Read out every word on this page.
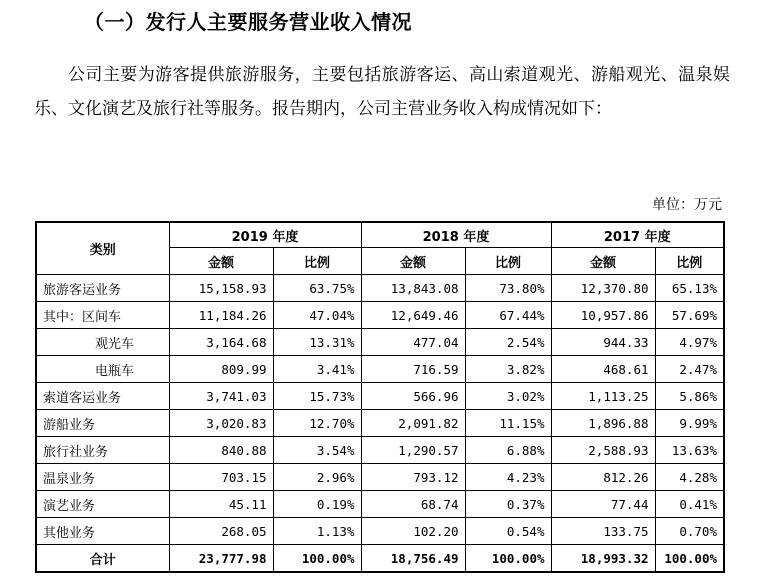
（一）发行人主要服务营业收入情况
公司主要为游客提供旅游服务，主要包括旅游客运、高山索道观光、游船观光、温泉娱乐、文化演艺及旅行社等服务。报告期内，公司主营业务收入构成情况如下：
单位：万元
类别	2019 年度		2018 年度		2017 年度	
	金额	比例	金额	比例	金额	比例
旅游客运业务	15,158.93	63.75%	13,843.08	73.80%	12,370.80	65.13%
其中：区间车	11,184.26	47.04%	12,649.46	67.44%	10,957.86	57.69%
观光车	3,164.68	13.31%	477.04	2.54%	944.33	4.97%
电瓶车	809.99	3.41%	716.59	3.82%	468.61	2.47%
索道客运业务	3,741.03	15.73%	566.96	3.02%	1,113.25	5.86%
游船业务	3,020.83	12.70%	2,091.82	11.15%	1,896.88	9.99%
旅行社业务	840.88	3.54%	1,290.57	6.88%	2,588.93	13.63%
温泉业务	703.15	2.96%	793.12	4.23%	812.26	4.28%
演艺业务	45.11	0.19%	68.74	0.37%	77.44	0.41%
其他业务	268.05	1.13%	102.20	0.54%	133.75	0.70%
合计	23,777.98	100.00%	18,756.49	100.00%	18,993.32	100.00%
